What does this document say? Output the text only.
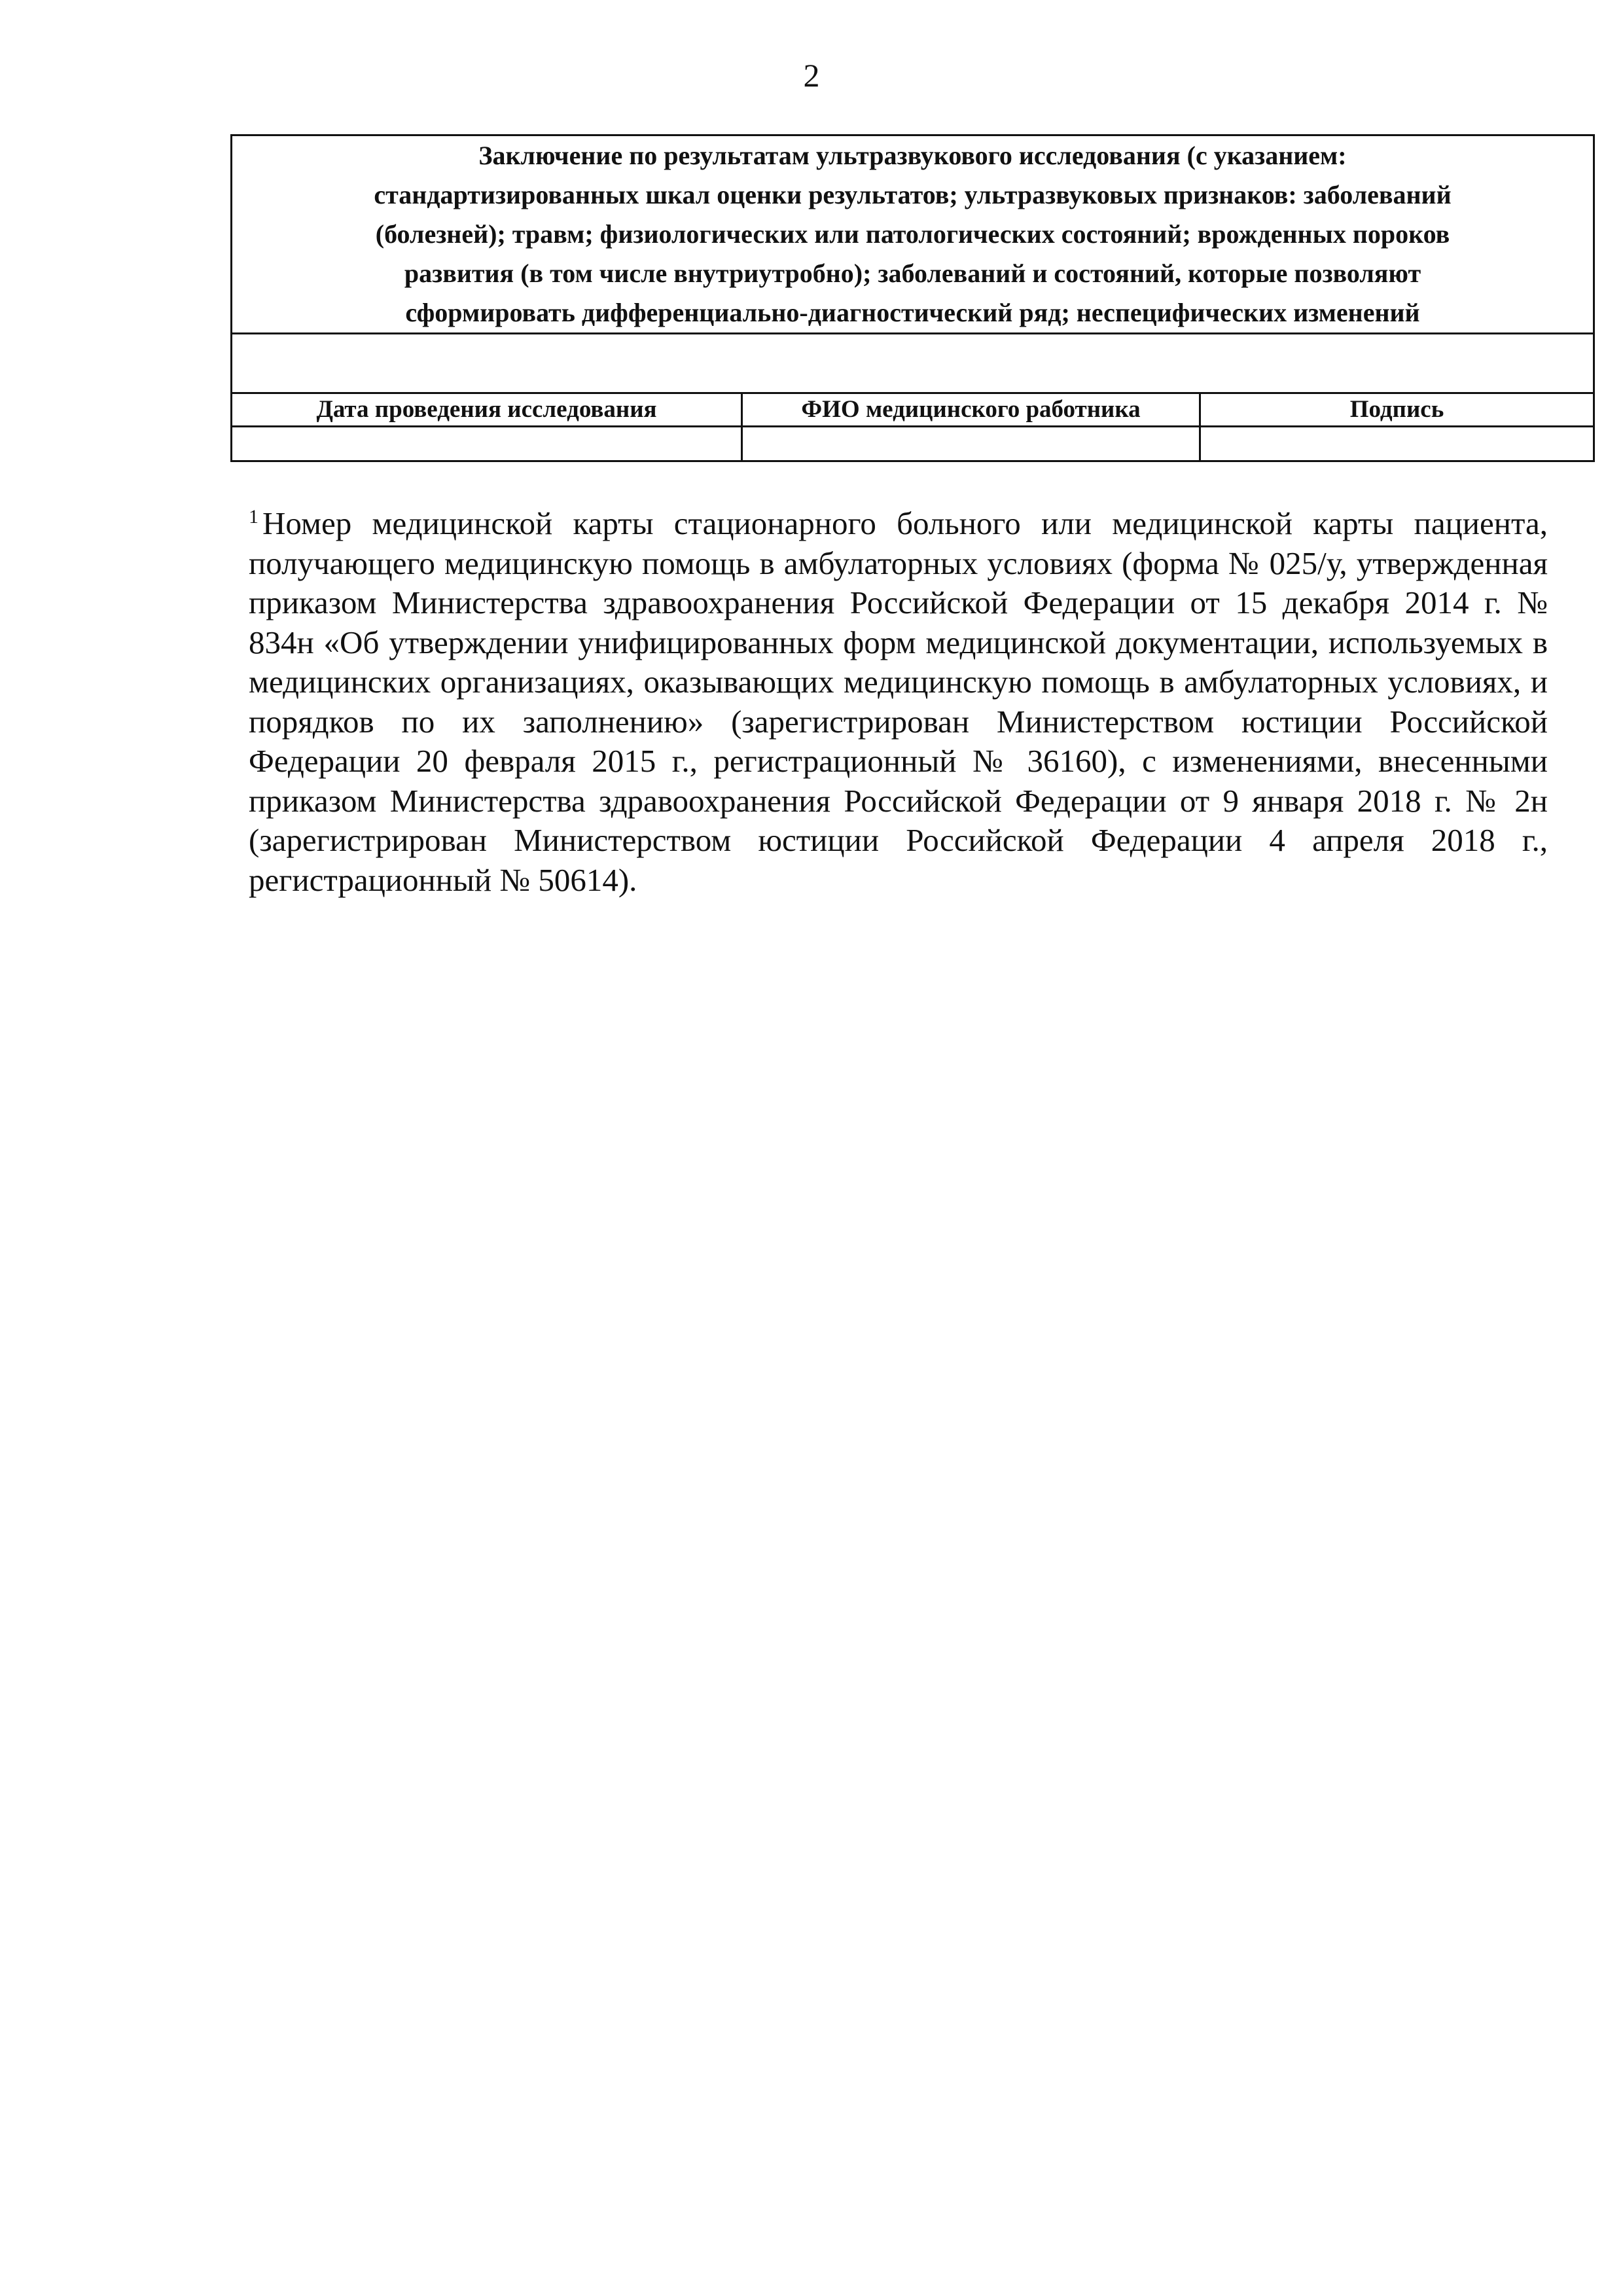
2
Заключение по результатам ультразвукового исследования (с указанием:
стандартизированных шкал оценки результатов; ультразвуковых признаков: заболеваний
(болезней); травм; физиологических или патологических состояний; врожденных пороков
развития (в том числе внутриутробно); заболеваний и состояний, которые позволяют
сформировать дифференциально-диагностический ряд; неспецифических изменений		

Дата проведения исследования	ФИО медицинского работника	Подпись

$^1$ Номер медицинской карты стационарного больного или медицинской карты пациента, получающего медицинскую помощь в амбулаторных условиях (форма № 025/у, утвержденная приказом Министерства здравоохранения Российской Федерации от 15 декабря 2014 г. № 834н «Об утверждении унифицированных форм медицинской документации, используемых в медицинских организациях, оказывающих медицинскую помощь в амбулаторных условиях, и порядков по их заполнению» (зарегистрирован Министерством юстиции Российской Федерации 20 февраля 2015 г., регистрационный № 36160), с изменениями, внесенными приказом Министерства здравоохранения Российской Федерации от 9 января 2018 г. № 2н (зарегистрирован Министерством юстиции Российской Федерации 4 апреля 2018 г., регистрационный № 50614).
